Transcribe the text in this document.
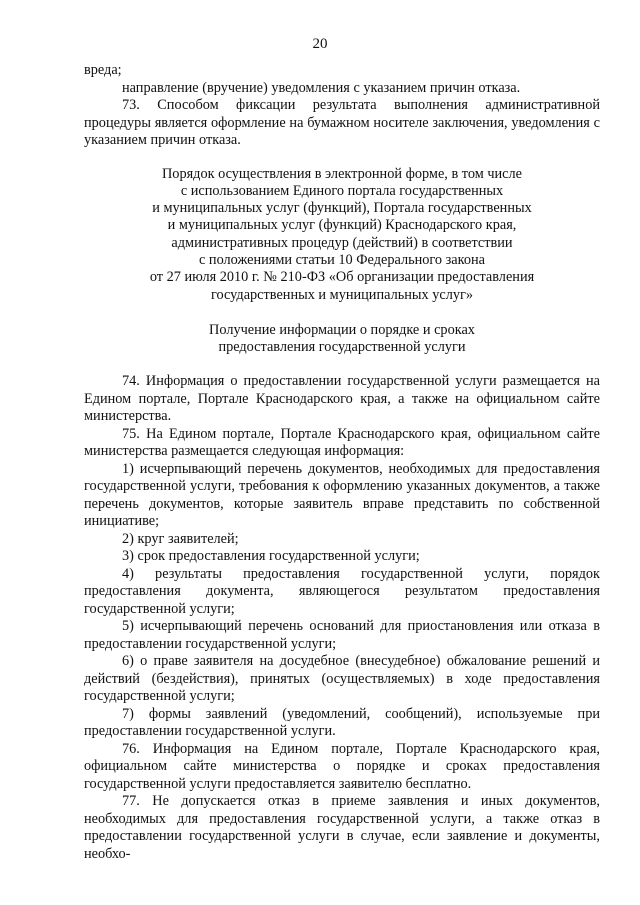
20

вреда;

направление (вручение) уведомления с указанием причин отказа.

73. Способом фиксации результата выполнения административной процедуры является оформление на бумажном носителе заключения, уведомления с указанием причин отказа.

Порядок осуществления в электронной форме, в том числе

с использованием Единого портала государственных

и муниципальных услуг (функций), Портала государственных

и муниципальных услуг (функций) Краснодарского края,

административных процедур (действий) в соответствии

с положениями статьи 10 Федерального закона

от 27 июля 2010 г. № 210-ФЗ «Об организации предоставления

государственных и муниципальных услуг»

Получение информации о порядке и сроках

предоставления государственной услуги

74. Информация о предоставлении государственной услуги размещается на Едином портале, Портале Краснодарского края, а также на официальном сайте министерства.

75. На Едином портале, Портале Краснодарского края, официальном сайте министерства размещается следующая информация:

1) исчерпывающий перечень документов, необходимых для предоставления государственной услуги, требования к оформлению указанных документов, а также перечень документов, которые заявитель вправе представить по собственной инициативе;

2) круг заявителей;

3) срок предоставления государственной услуги;

4) результаты предоставления государственной услуги, порядок предоставления документа, являющегося результатом предоставления государственной услуги;

5) исчерпывающий перечень оснований для приостановления или отказа в предоставлении государственной услуги;

6) о праве заявителя на досудебное (внесудебное) обжалование решений и действий (бездействия), принятых (осуществляемых) в ходе предоставления государственной услуги;

7) формы заявлений (уведомлений, сообщений), используемые при предоставлении государственной услуги.

76. Информация на Едином портале, Портале Краснодарского края, официальном сайте министерства о порядке и сроках предоставления государственной услуги предоставляется заявителю бесплатно.

77. Не допускается отказ в приеме заявления и иных документов, необходимых для предоставления государственной услуги, а также отказ в предоставлении государственной услуги в случае, если заявление и документы, необхо-
